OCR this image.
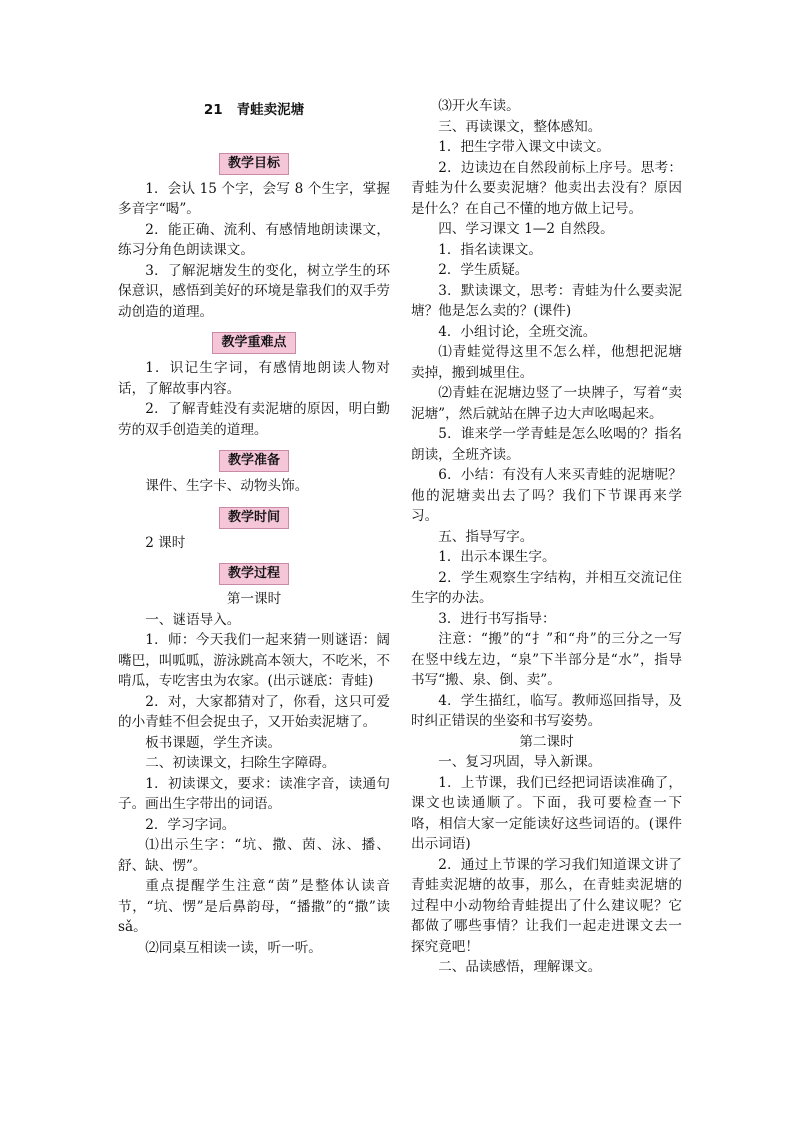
21 青蛙卖泥塘

教学目标

1．会认 15 个字，会写 8 个生字，掌握多音字“喝”。

2．能正确、流利、有感情地朗读课文，练习分角色朗读课文。

3．了解泥塘发生的变化，树立学生的环保意识，感悟到美好的环境是靠我们的双手劳动创造的道理。

教学重难点

1．识记生字词，有感情地朗读人物对话，了解故事内容。

2．了解青蛙没有卖泥塘的原因，明白勤劳的双手创造美的道理。

教学准备

课件、生字卡、动物头饰。

教学时间

2 课时

教学过程

第一课时

一、谜语导入。

1．师：今天我们一起来猜一则谜语：阔嘴巴，叫呱呱，游泳跳高本领大，不吃米，不啃瓜，专吃害虫为农家。(出示谜底：青蛙)

2．对，大家都猜对了，你看，这只可爱的小青蛙不但会捉虫子，又开始卖泥塘了。

板书课题，学生齐读。

二、初读课文，扫除生字障碍。

1．初读课文，要求：读准字音，读通句子。画出生字带出的词语。

2．学习字词。

⑴出示生字：“坑、撒、茵、泳、播、舒、缺、愣”。

重点提醒学生注意“茵”是整体认读音节，“坑、愣”是后鼻韵母，“播撒”的“撒”读 sǎ。

⑵同桌互相读一读，听一听。

⑶开火车读。

三、再读课文，整体感知。

1．把生字带入课文中读文。

2．边读边在自然段前标上序号。思考：青蛙为什么要卖泥塘？他卖出去没有？原因是什么？在自己不懂的地方做上记号。

四、学习课文 1—2 自然段。

1．指名读课文。

2．学生质疑。

3．默读课文，思考：青蛙为什么要卖泥塘？他是怎么卖的？(课件)

4．小组讨论，全班交流。

⑴青蛙觉得这里不怎么样，他想把泥塘卖掉，搬到城里住。

⑵青蛙在泥塘边竖了一块牌子，写着“卖泥塘”，然后就站在牌子边大声吆喝起来。

5．谁来学一学青蛙是怎么吆喝的？指名朗读，全班齐读。

6．小结：有没有人来买青蛙的泥塘呢？他的泥塘卖出去了吗？我们下节课再来学习。

五、指导写字。

1．出示本课生字。

2．学生观察生字结构，并相互交流记住生字的办法。

3．进行书写指导：

注意：“搬”的“扌”和“舟”的三分之一写在竖中线左边，“泉”下半部分是“水”，指导书写“搬、泉、倒、卖”。

4．学生描红，临写。教师巡回指导，及时纠正错误的坐姿和书写姿势。

第二课时

一、复习巩固，导入新课。

1．上节课，我们已经把词语读准确了，课文也读通顺了。下面，我可要检查一下咯，相信大家一定能读好这些词语的。(课件出示词语)

2．通过上节课的学习我们知道课文讲了青蛙卖泥塘的故事，那么，在青蛙卖泥塘的过程中小动物给青蛙提出了什么建议呢？它都做了哪些事情？让我们一起走进课文去一探究竟吧！

二、品读感悟，理解课文。
